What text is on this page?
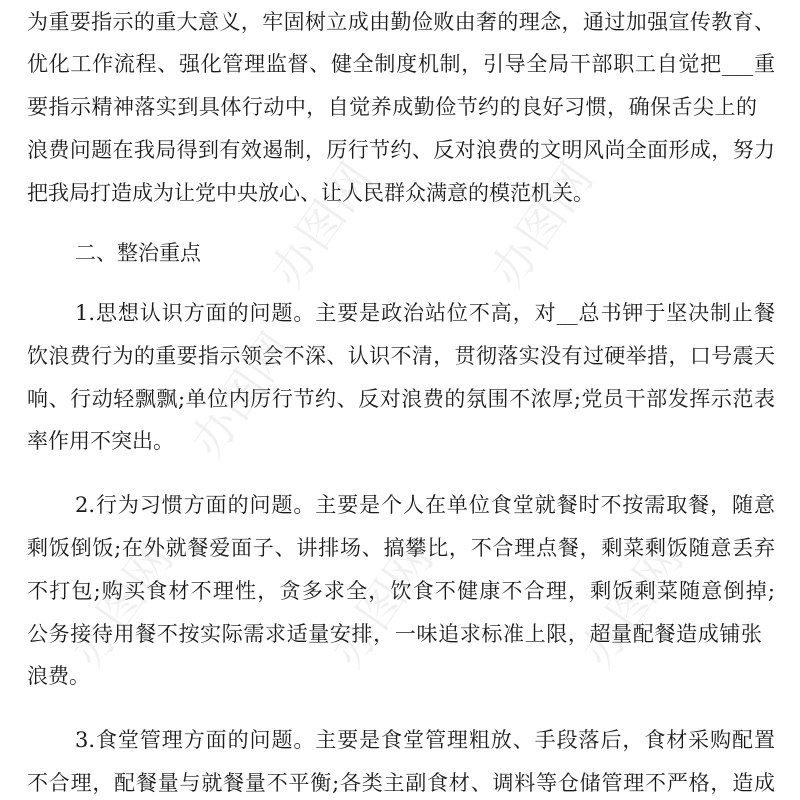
办图网 办图网
办图网
办图网	办图网	办图网
为重要指示的重大意义，牢固树立成由勤俭败由奢的理念，通过加强宣传教育、
优化工作流程、强化管理监督、健全制度机制，引导全局干部职工自觉把___重
要指示精神落实到具体行动中，自觉养成勤俭节约的良好习惯，确保舌尖上的
浪费问题在我局得到有效遏制，厉行节约、反对浪费的文明风尚全面形成，努力
把我局打造成为让党中央放心、让人民群众满意的模范机关。
二、整治重点
1.思想认识方面的问题。主要是政治站位不高，对__总书钾于坚决制止餐
饮浪费行为的重要指示领会不深、认识不清，贯彻落实没有过硬举措，口号震天
响、行动轻飘飘;单位内厉行节约、反对浪费的氛围不浓厚;党员干部发挥示范表
率作用不突出。
2.行为习惯方面的问题。主要是个人在单位食堂就餐时不按需取餐，随意
剩饭倒饭;在外就餐爱面子、讲排场、搞攀比，不合理点餐，剩菜剩饭随意丢弃
不打包;购买食材不理性，贪多求全，饮食不健康不合理，剩饭剩菜随意倒掉;
公务接待用餐不按实际需求适量安排，一味追求标准上限，超量配餐造成铺张
浪费。
3.食堂管理方面的问题。主要是食堂管理粗放、手段落后，食材采购配置
不合理，配餐量与就餐量不平衡;各类主副食材、调料等仓储管理不严格，造成
